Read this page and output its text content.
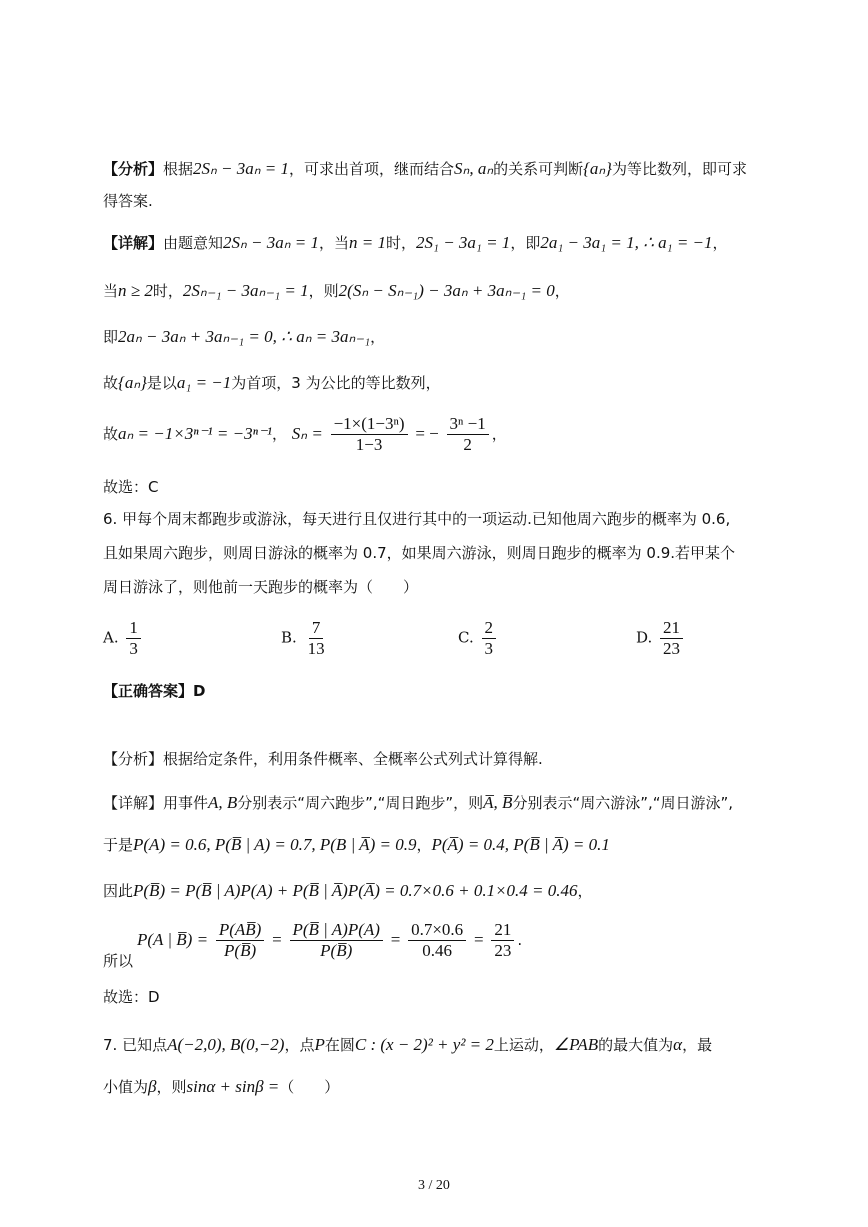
【分析】根据2Sₙ − 3aₙ = 1，可求出首项，继而结合Sₙ, aₙ的关系可判断{aₙ}为等比数列，即可求
得答案.
【详解】由题意知2Sₙ − 3aₙ = 1，当n = 1时，2S₁ − 3a₁ = 1，即2a₁ − 3a₁ = 1, ∴ a₁ = −1，
当n ≥ 2时，2Sₙ₋₁ − 3aₙ₋₁ = 1，则2(Sₙ − Sₙ₋₁) − 3aₙ + 3aₙ₋₁ = 0，
即2aₙ − 3aₙ + 3aₙ₋₁ = 0, ∴ aₙ = 3aₙ₋₁，
故{aₙ}是以a₁ = −1为首项，3 为公比的等比数列，
故aₙ = −1×3ⁿ⁻¹ = −3ⁿ⁻¹， $S_n = \frac{\text{−1×(1−3ⁿ)}}{1-3}$ = − $\frac{\text{3ⁿ −1}}{2}$ ，
故选：C
6. 甲每个周末都跑步或游泳，每天进行且仅进行其中的一项运动.已知他周六跑步的概率为 0.6,
且如果周六跑步，则周日游泳的概率为 0.7，如果周六游泳，则周日跑步的概率为 0.9.若甲某个
周日游泳了，则他前一天跑步的概率为（　　）
A. $\frac{1}{3}$	B. $\frac{7}{13}$	C. $\frac{2}{3}$	D. $\frac{21}{23}$
【正确答案】D
【分析】根据给定条件，利用条件概率、全概率公式列式计算得解.
【详解】用事件A, B分别表示“周六跑步”,“周日跑步”，则A̅, B̅分别表示“周六游泳”,“周日游泳”,
于是P(A) = 0.6, P(B̅ | A) = 0.7, P(B | A̅) = 0.9，P(A̅) = 0.4, P(B̅ | A̅) = 0.1
因此P(B̅) = P(B̅ | A)P(A) + P(B̅ | A̅)P(A̅) = 0.7×0.6 + 0.1×0.4 = 0.46，
P(A | B̅) = $\frac{P(AB̅)}{P(B̅)} = \frac{P(B̅ | A)P(A)}{P(B̅)} = \frac{0.7\times 0.6}{0.46} = \frac{21}{23}$ .
所以
故选：D
7. 已知点A(−2,0), B(0,−2)，点P在圆C : (x − 2)² + y² = 2上运动，∠PAB的最大值为α，最
小值为β，则sinα + sinβ =（　　）
3 / 20
